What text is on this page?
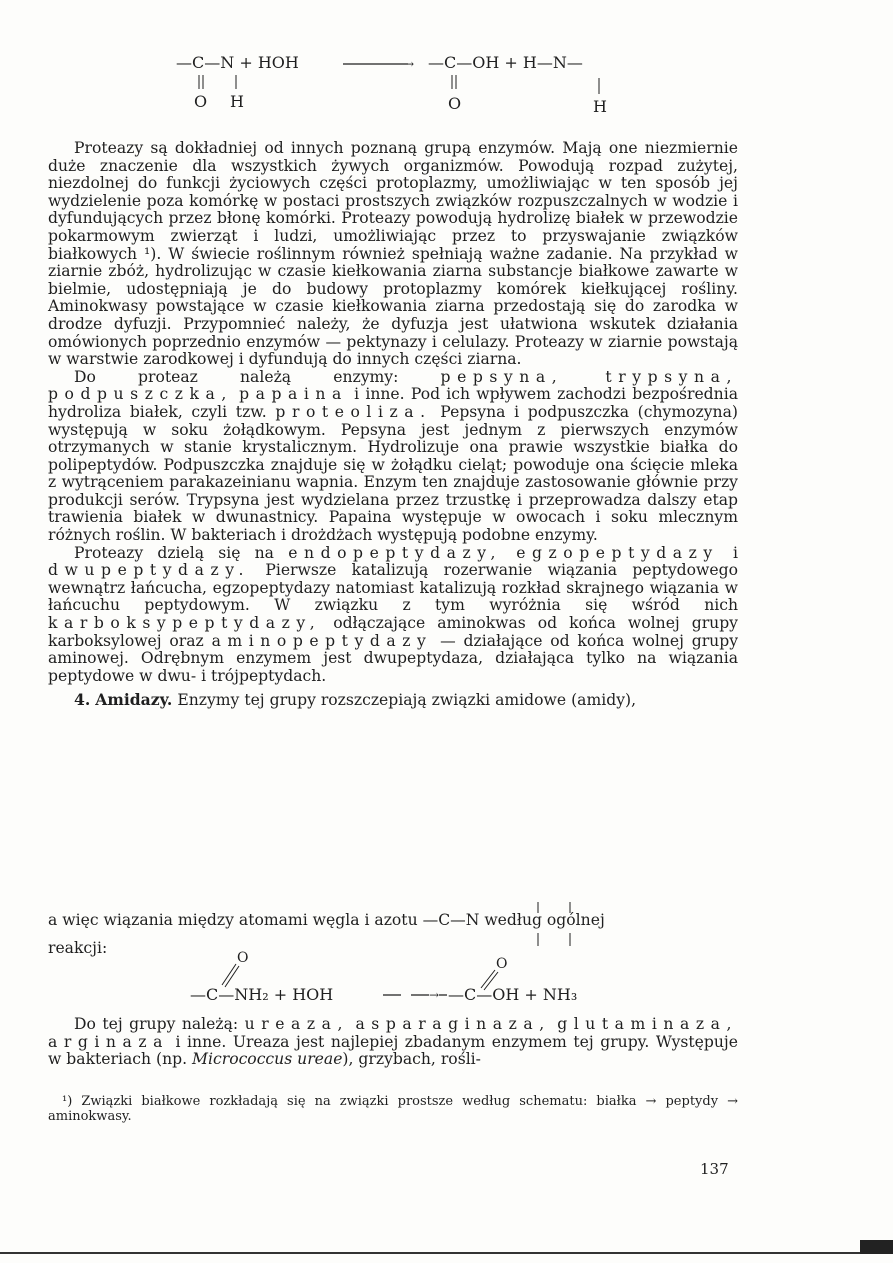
—C—N + HOH	→ —C—OH + H—N—
O H	O	H

Proteazy są dokładniej od innych poznaną grupą enzymów. Mają one niezmiernie duże znaczenie dla wszystkich żywych organizmów. Powodują rozpad zużytej, niezdolnej do funkcji życiowych części protoplazmy, umożliwiając w ten sposób jej wydzielenie poza komórkę w postaci prostszych związków rozpuszczalnych w wodzie i dyfundujących przez błonę komórki. Proteazy powodują hydrolizę białek w przewodzie pokarmowym zwierząt i ludzi, umożliwiając przez to przyswajanie związków białkowych ¹). W świecie roślinnym również spełniają ważne zadanie. Na przykład w ziarnie zbóż, hydrolizując w czasie kiełkowania ziarna substancje białkowe zawarte w bielmie, udostępniają je do budowy protoplazmy komórek kiełkującej rośliny. Aminokwasy powstające w czasie kiełkowania ziarna przedostają się do zarodka w drodze dyfuzji. Przypomnieć należy, że dyfuzja jest ułatwiona wskutek działania omówionych poprzednio enzymów — pektynazy i celulazy. Proteazy w ziarnie powstają w warstwie zarodkowej i dyfundują do innych części ziarna.

Do proteaz należą enzymy:	pepsyna,	trypsyna, podpuszczka, papaina i inne. Pod ich wpływem zachodzi bezpośrednia hydroliza białek, czyli tzw. proteoliza. Pepsyna i podpuszczka (chymozyna) występują w soku żołądkowym. Pepsyna jest jednym z pierwszych enzymów otrzymanych w stanie krystalicznym. Hydrolizuje ona prawie wszystkie białka do polipeptydów. Podpuszczka znajduje się w żołądku cieląt; powoduje ona ścięcie mleka z wytrąceniem parakazeinianu wapnia. Enzym ten znajduje zastosowanie głównie przy produkcji serów. Trypsyna jest wydzielana przez trzustkę i przeprowadza dalszy etap trawienia białek w dwunastnicy. Papaina występuje w owocach i soku mlecznym różnych roślin. W bakteriach i drożdżach występują podobne enzymy.

Proteazy dzielą się na endopeptydazy, egzopeptydazy i dwupeptydazy. Pierwsze katalizują rozerwanie wiązania peptydowego wewnątrz łańcucha, egzopeptydazy natomiast katalizują rozkład skrajnego wiązania w łańcuchu peptydowym. W związku z tym wyróżnia się wśród nich karboksypeptydazy, odłączające aminokwas od końca wolnej grupy karboksylowej oraz aminopeptydazy — działające od końca wolnej grupy aminowej. Odrębnym enzymem jest dwupeptydaza, działająca tylko na wiązania peptydowe w dwu- i trójpeptydach.

4. Amidazy. Enzymy tej grupy rozszczepiają związki amidowe (amidy),

a więc wiązania między atomami węgla i azotu —C—N według ogólnej

reakcji:

O
—C—NH₂ + HOH	→
O
—C—OH + NH₃

Do tej grupy należą: ureaza, asparaginaza, glutaminaza, arginaza i inne. Ureaza jest najlepiej zbadanym enzymem tej grupy. Występuje w bakteriach (np. Micrococcus ureae), grzybach, rośli-

¹) Związki białkowe rozkładają się na związki prostsze według schematu: białka → peptydy → aminokwasy.

137
